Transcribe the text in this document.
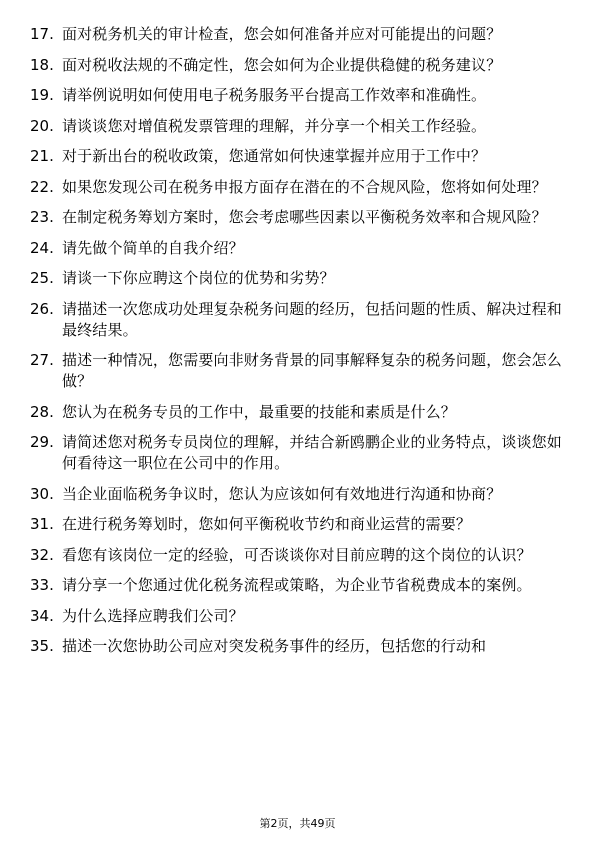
17. 面对税务机关的审计检查，您会如何准备并应对可能提出的问题？
18. 面对税收法规的不确定性，您会如何为企业提供稳健的税务建议？
19. 请举例说明如何使用电子税务服务平台提高工作效率和准确性。
20. 请谈谈您对增值税发票管理的理解，并分享一个相关工作经验。
21. 对于新出台的税收政策，您通常如何快速掌握并应用于工作中？
22. 如果您发现公司在税务申报方面存在潜在的不合规风险，您将如何处理？
23. 在制定税务筹划方案时，您会考虑哪些因素以平衡税务效率和合规风险？
24. 请先做个简单的自我介绍？
25. 请谈一下你应聘这个岗位的优势和劣势？
26. 请描述一次您成功处理复杂税务问题的经历，包括问题的性质、解决过程和最终结果。
27. 描述一种情况，您需要向非财务背景的同事解释复杂的税务问题，您会怎么做？
28. 您认为在税务专员的工作中，最重要的技能和素质是什么？
29. 请简述您对税务专员岗位的理解，并结合新鸥鹏企业的业务特点，谈谈您如何看待这一职位在公司中的作用。
30. 当企业面临税务争议时，您认为应该如何有效地进行沟通和协商？
31. 在进行税务筹划时，您如何平衡税收节约和商业运营的需要？
32. 看您有该岗位一定的经验，可否谈谈你对目前应聘的这个岗位的认识？
33. 请分享一个您通过优化税务流程或策略，为企业节省税费成本的案例。
34. 为什么选择应聘我们公司？
35. 描述一次您协助公司应对突发税务事件的经历，包括您的行动和
第2页，共49页
